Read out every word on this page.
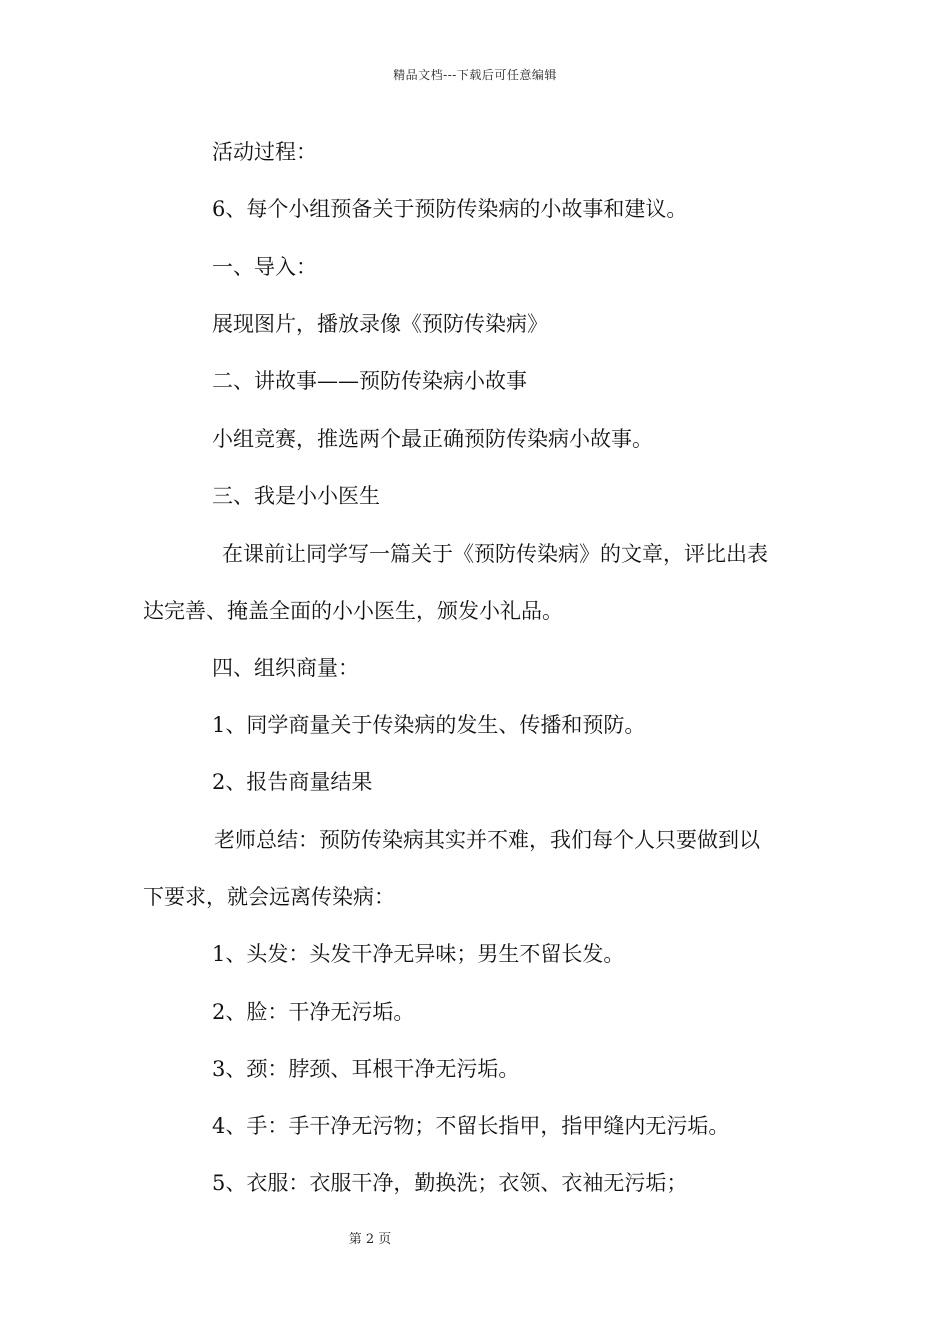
精品文档---下载后可任意编辑
活动过程：
6、每个小组预备关于预防传染病的小故事和建议。
一、导入：
展现图片，播放录像《预防传染病》
二、讲故事——预防传染病小故事
小组竞赛，推选两个最正确预防传染病小故事。
三、我是小小医生
在课前让同学写一篇关于《预防传染病》的文章，评比出表
达完善、掩盖全面的小小医生，颁发小礼品。
四、组织商量：
1、同学商量关于传染病的发生、传播和预防。
2、报告商量结果
老师总结：预防传染病其实并不难，我们每个人只要做到以
下要求，就会远离传染病：
1、头发：头发干净无异味；男生不留长发。
2、脸：干净无污垢。
3、颈：脖颈、耳根干净无污垢。
4、手：手干净无污物；不留长指甲，指甲缝内无污垢。
5、衣服：衣服干净，勤换洗；衣领、衣袖无污垢；
第 2 页
